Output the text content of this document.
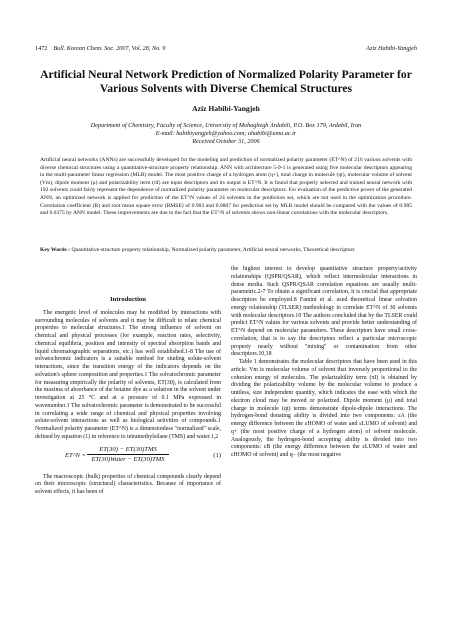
1472 Bull. Korean Chem. Soc. 2007, Vol. 28, No. 9	Aziz Habibi-Yangjeh
Artificial Neural Network Prediction of Normalized Polarity Parameter for Various Solvents with Diverse Chemical Structures
Aziz Habibi-Yangjeh
Department of Chemistry, Faculty of Science, University of Mohaghegh Ardabili, P.O. Box 179, Ardabil, Iran
E-mail: habibiyangjeh@yahoo.com; ahabibi@uma.ac.ir
Received October 31, 2006
Artificial neural networks (ANNs) are successfully developed for the modeling and prediction of normalized polarity parameter (ET^N) of 216 various solvents with diverse chemical structures using a quantitative-structure property relationship. ANN with architecture 5-9-1 is generated using five molecular descriptors appearing in the multi-parameter linear regression (MLR) model. The most positive charge of a hydrogen atom (q+), total charge in molecule (qt), molecular volume of solvent (Vm), dipole moment (μ) and polarizability term (πI) are input descriptors and its output is ET^N. It is found that properly selected and trained neural network with 192 solvents could fairly represent the dependence of normalized polarity parameter on molecular descriptors. For evaluation of the predictive power of the generated ANN, an optimized network is applied for prediction of the ET^N values of 24 solvents in the prediction set, which are not used in the optimization procedure. Correlation coefficient (R) and root mean square error (RMSE) of 0.903 and 0.0887 for prediction set by MLR model should be compared with the values of 0.985 and 0.0375 by ANN model. These improvements are due to the fact that the ET^N of solvents shows non-linear correlations with the molecular descriptors.
Key Words : Quantitative-structure property relationship, Normalized polarity parameter, Artificial neural networks, Theoretical descriptors
Introduction

The energetic level of molecules may be modified by interactions with surrounding molecules of solvents and it may be difficult to relate chemical properties to molecular structures.1 The strong influence of solvent on chemical and physical processes (for example, reaction rates, selectivity, chemical equilibria, position and intensity of spectral absorption bands and liquid chromatographic separations, etc.) has well established.1-8 The use of solvatochromic indicators is a suitable method for studing solute-solvent interactions, since the transition energy of the indicators depends on the solvation's sphere composition and properties.1 The solvatochromic parameter for measuring empirically the polarity of solvents, ET(30), is calculated from the maxima of absorbance of the betaine dye as a solution in the solvent under investigation at 25 °C and at a pressure of 0.1 MPa expressed in wavenumber.1 The solvatochromic parameter is demonstrated to be successful in correlating a wide range of chemical and physical properties involving solute-solvent interactions as well as biological activities of compounds.1 Normalized polarity parameter (ET^N) is a dimensionless "normalized" scale, defined by equation (1) in reference to tetramethylsilane (TMS) and water.1,2

ET^N =
ET(30) − ET(30)TMS
ET(30)Water − ET(30)TMS
(1)

The macroscopic (bulk) properties of chemical compounds clearly depend on their microscopic (structural) characteristics. Because of importance of solvent effects, it has been of

the highest interest to develop quantitative structure property/activity relationships (QSPR/QSAR), which reflect intermolecular interactions in dense media. Such QSPR/QSAR correlation equations are usually multi-parametric.2-7 To obtain a significant correlation, it is crucial that appropriate descriptors be employed.8 Famini et al. used theoretical linear solvation energy relationship (TLSER) methodology to correlate ET^N of 30 solvents with molecular descriptors.10 The authors concluded that by the TLSER could predict ET^N values for various solvents and provide better understanding of ET^N depend on molecular parameters. These descriptors have small cross-correlation, that is to say the descriptors reflect a particular microscopic property nearly without "mixing" or contamination from other descriptors.10,18

Table 1 demonstrates the molecular descriptors that have been used in this article. Vm is molecular volume of solvent that inversely proportional to the cohesion energy of molecules. The polarizability term (πI) is obtained by dividing the polarizability volume by the molecular volume to produce a unitless, size independent quantity, which indicates the ease with which the electron cloud may be moved or polarized. Dipole moment (μ) and total charge in molecule (qt) terms demonstrate dipole-dipole interactions. The hydrogen-bond donating ability is divided into two components: εA (the energy difference between the εHOMO of water and εLUMO of solvent) and q+ (the most positive charge of a hydrogen atom) of solvent molecule. Analogously, the hydrogen-bond accepting ability is divided into two components: εB (the energy difference between the εLUMO of water and εHOMO of solvent) and q− (the most negative
